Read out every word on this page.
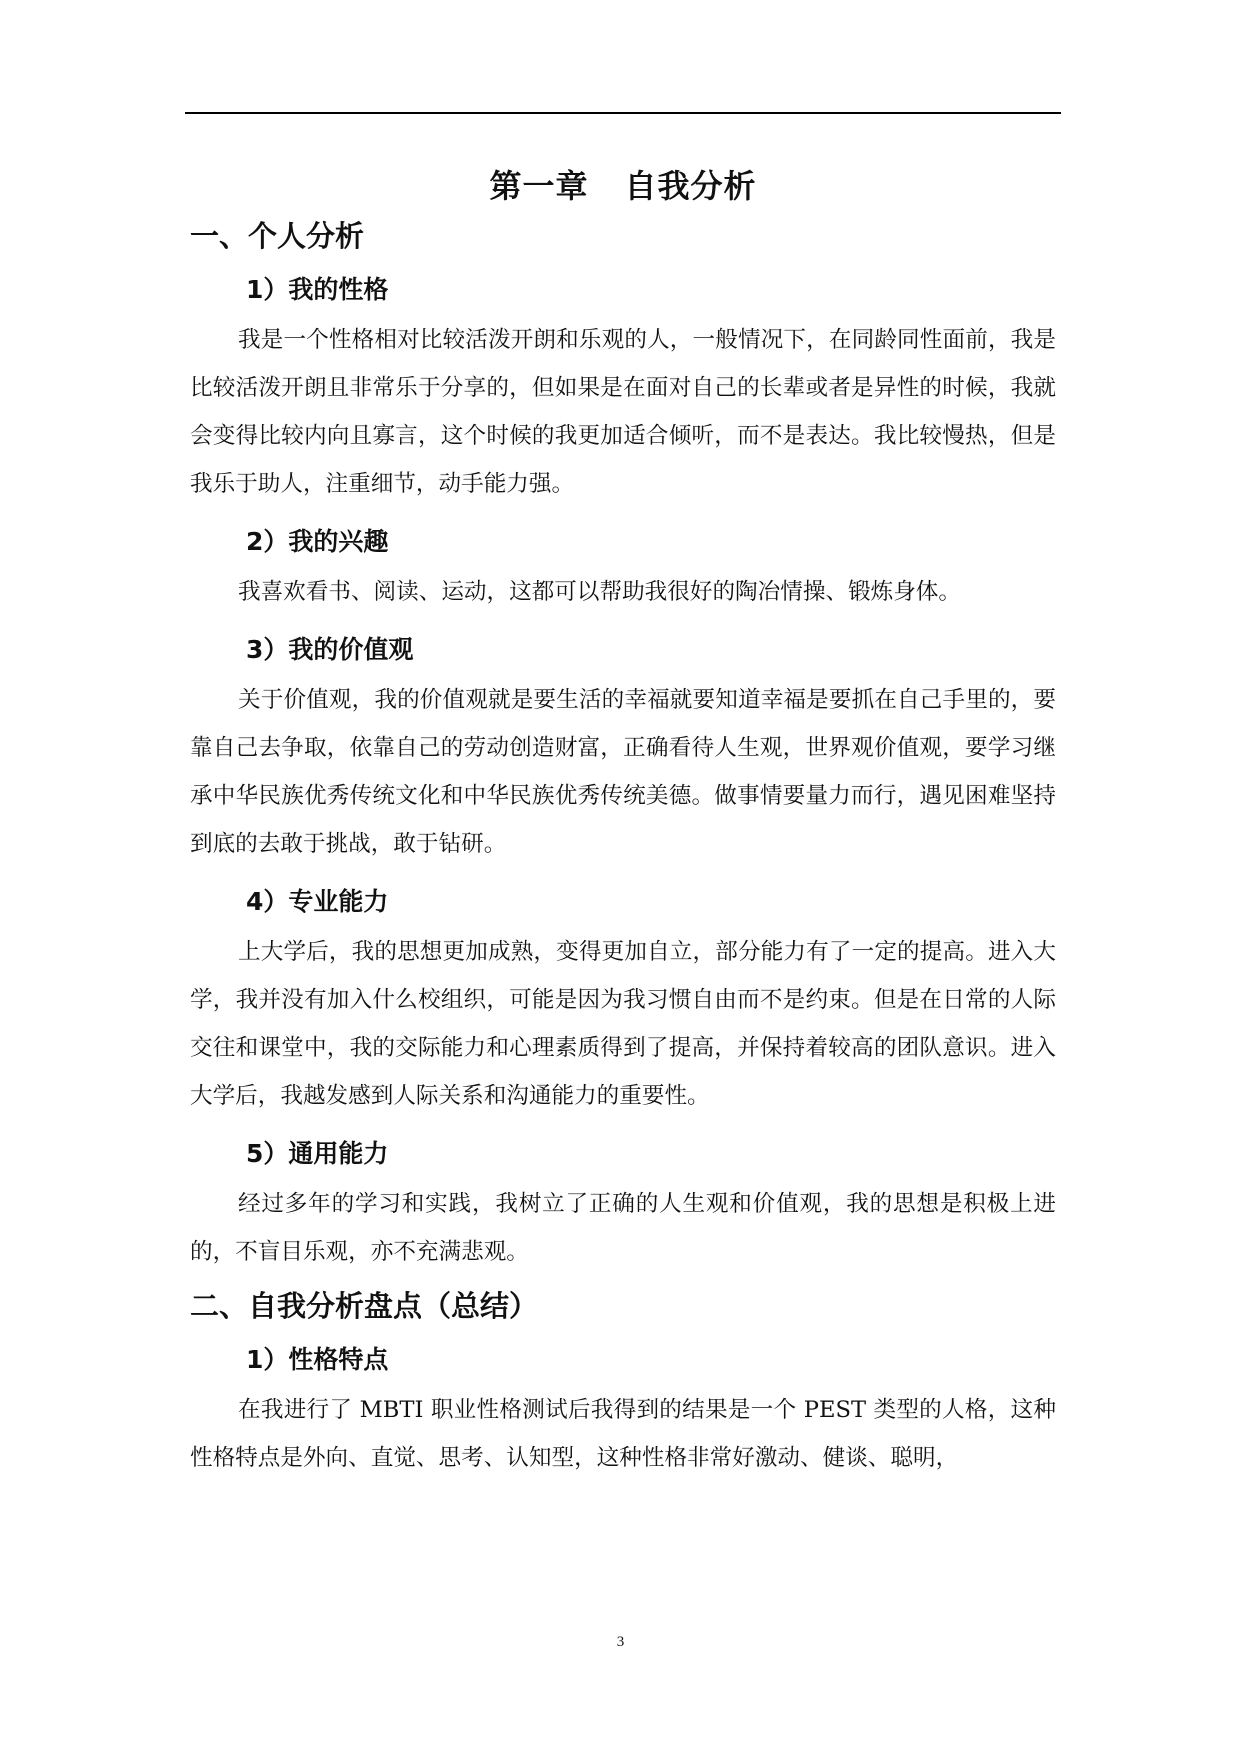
第一章 自我分析
一、个人分析
1）我的性格

我是一个性格相对比较活泼开朗和乐观的人，一般情况下，在同龄同性面前，我是比较活泼开朗且非常乐于分享的，但如果是在面对自己的长辈或者是异性的时候，我就会变得比较内向且寡言，这个时候的我更加适合倾听，而不是表达。我比较慢热，但是我乐于助人，注重细节，动手能力强。

2）我的兴趣

我喜欢看书、阅读、运动，这都可以帮助我很好的陶冶情操、锻炼身体。

3）我的价值观

关于价值观，我的价值观就是要生活的幸福就要知道幸福是要抓在自己手里的，要靠自己去争取，依靠自己的劳动创造财富，正确看待人生观，世界观价值观，要学习继承中华民族优秀传统文化和中华民族优秀传统美德。做事情要量力而行，遇见困难坚持到底的去敢于挑战，敢于钻研。

4）专业能力

上大学后，我的思想更加成熟，变得更加自立，部分能力有了一定的提高。进入大学，我并没有加入什么校组织，可能是因为我习惯自由而不是约束。但是在日常的人际交往和课堂中，我的交际能力和心理素质得到了提高，并保持着较高的团队意识。进入大学后，我越发感到人际关系和沟通能力的重要性。

5）通用能力

经过多年的学习和实践，我树立了正确的人生观和价值观，我的思想是积极上进的，不盲目乐观，亦不充满悲观。

二、自我分析盘点（总结）
1）性格特点

在我进行了 MBTI 职业性格测试后我得到的结果是一个 PEST 类型的人格，这种性格特点是外向、直觉、思考、认知型，这种性格非常好激动、健谈、聪明，

3
